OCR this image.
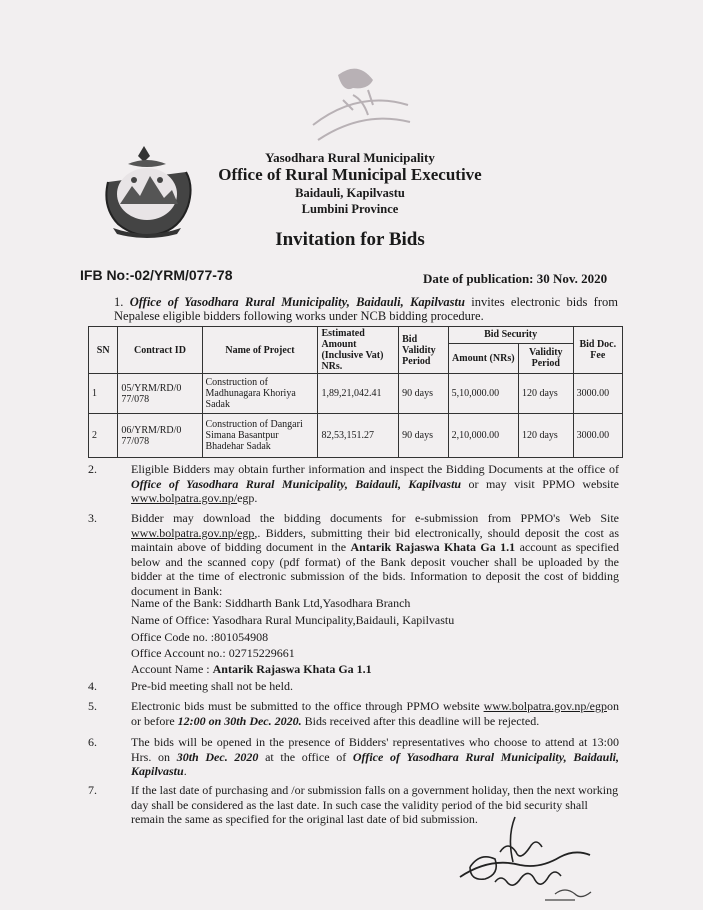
Yasodhara Rural Municipality
Office of Rural Municipal Executive
Baidauli, Kapilvastu
Lumbini Province
Invitation for Bids
IFB No:-02/YRM/077-78	Date of publication: 30 Nov. 2020
1. Office of Yasodhara Rural Municipality, Baidauli, Kapilvastu invites electronic bids from Nepalese eligible bidders following works under NCB bidding procedure.
SN	Contract ID	Name of Project	Estimated Amount (Inclusive Vat) NRs.	Bid Validity Period	Bid Security		Bid Doc. Fee
					Amount (NRs)	Validity Period	
1	05/YRM/RD/0 77/078	Construction of Madhunagara Khoriya Sadak	1,89,21,042.41	90 days	5,10,000.00	120 days	3000.00
2	06/YRM/RD/0 77/078	Construction of Dangari Simana Basantpur Bhadehar Sadak	82,53,151.27	90 days	2,10,000.00	120 days	3000.00
2.	Eligible Bidders may obtain further information and inspect the Bidding Documents at the office of Office of Yasodhara Rural Municipality, Baidauli, Kapilvastu or may visit PPMO website www.bolpatra.gov.np/egp.
3.	Bidder may download the bidding documents for e-submission from PPMO's Web Site www.bolpatra.gov.np/egp,. Bidders, submitting their bid electronically, should deposit the cost as maintain above of bidding document in the Antarik Rajaswa Khata Ga 1.1 account as specified below and the scanned copy (pdf format) of the Bank deposit voucher shall be uploaded by the bidder at the time of electronic submission of the bids. Information to deposit the cost of bidding document in Bank:
Name of the Bank: Siddharth Bank Ltd,Yasodhara Branch
Name of Office: Yasodhara Rural Muncipality,Baidauli, Kapilvastu
Office Code no. :801054908
Office Account no.: 02715229661
Account Name : Antarik Rajaswa Khata Ga 1.1
4.	Pre-bid meeting shall not be held.
5.	Electronic bids must be submitted to the office through PPMO website www.bolpatra.gov.np/egpon or before 12:00 on 30th Dec. 2020. Bids received after this deadline will be rejected.
6.	The bids will be opened in the presence of Bidders' representatives who choose to attend at 13:00 Hrs. on 30th Dec. 2020 at the office of Office of Yasodhara Rural Municipality, Baidauli, Kapilvastu.
7.	If the last date of purchasing and /or submission falls on a government holiday, then the next working day shall be considered as the last date. In such case the validity period of the bid security shall remain the same as specified for the original last date of bid submission.
